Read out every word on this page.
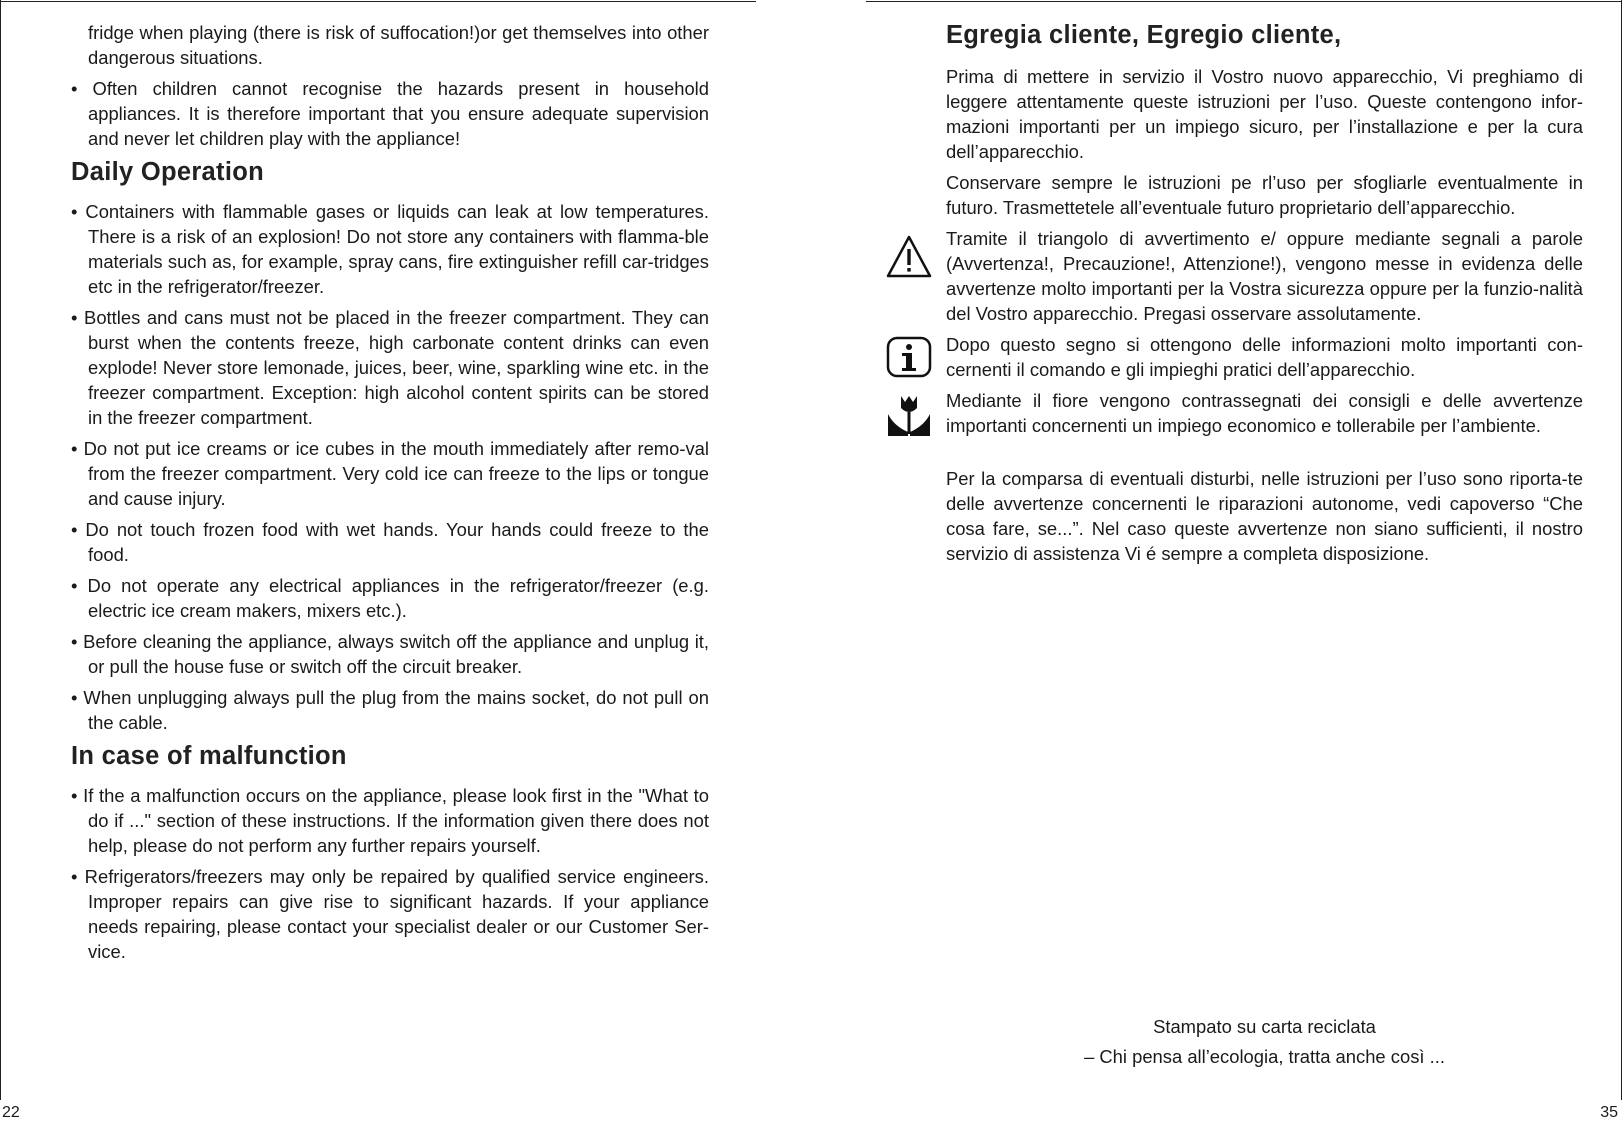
fridge when playing (there is risk of suffocation!)or get themselves into other dangerous situations.

• Often children cannot recognise the hazards present in household appliances. It is therefore important that you ensure adequate supervision and never let children play with the appliance!

Daily Operation

• Containers with flammable gases or liquids can leak at low temperatures. There is a risk of an explosion! Do not store any containers with flamma-ble materials such as, for example, spray cans, fire extinguisher refill car-tridges etc in the refrigerator/freezer.

• Bottles and cans must not be placed in the freezer compartment. They can burst when the contents freeze, high carbonate content drinks can even explode! Never store lemonade, juices, beer, wine, sparkling wine etc. in the freezer compartment. Exception: high alcohol content spirits can be stored in the freezer compartment.

• Do not put ice creams or ice cubes in the mouth immediately after remo-val from the freezer compartment. Very cold ice can freeze to the lips or tongue and cause injury.

• Do not touch frozen food with wet hands. Your hands could freeze to the food.

• Do not operate any electrical appliances in the refrigerator/freezer (e.g. electric ice cream makers, mixers etc.).

• Before cleaning the appliance, always switch off the appliance and unplug it, or pull the house fuse or switch off the circuit breaker.

• When unplugging always pull the plug from the mains socket, do not pull on the cable.

In case of malfunction

• If the a malfunction occurs on the appliance, please look first in the "What to do if ..." section of these instructions. If the information given there does not help, please do not perform any further repairs yourself.

• Refrigerators/freezers may only be repaired by qualified service engineers. Improper repairs can give rise to significant hazards. If your appliance needs repairing, please contact your specialist dealer or our Customer Ser-vice.

22
Egregia cliente, Egregio cliente,

Prima di mettere in servizio il Vostro nuovo apparecchio, Vi preghiamo di leggere attentamente queste istruzioni per l’uso. Queste contengono infor-mazioni importanti per un impiego sicuro, per l’installazione e per la cura dell’apparecchio.

Conservare sempre le istruzioni pe rl’uso per sfogliarle eventualmente in futuro. Trasmettetele all’eventuale futuro proprietario dell’apparecchio.

Tramite il triangolo di avvertimento e/ oppure mediante segnali a parole (Avvertenza!, Precauzione!, Attenzione!), vengono messe in evidenza delle avvertenze molto importanti per la Vostra sicurezza oppure per la funzio-nalità del Vostro apparecchio. Pregasi osservare assolutamente.

Dopo questo segno si ottengono delle informazioni molto importanti con-cernenti il comando e gli impieghi pratici dell’apparecchio.

Mediante il fiore vengono contrassegnati dei consigli e delle avvertenze importanti concernenti un impiego economico e tollerabile per l’ambiente.

Per la comparsa di eventuali disturbi, nelle istruzioni per l’uso sono riporta-te delle avvertenze concernenti le riparazioni autonome, vedi capoverso “Che cosa fare, se...”. Nel caso queste avvertenze non siano sufficienti, il nostro servizio di assistenza Vi é sempre a completa disposizione.

Stampato su carta reciclata
– Chi pensa all’ecologia, tratta anche così ...
35
